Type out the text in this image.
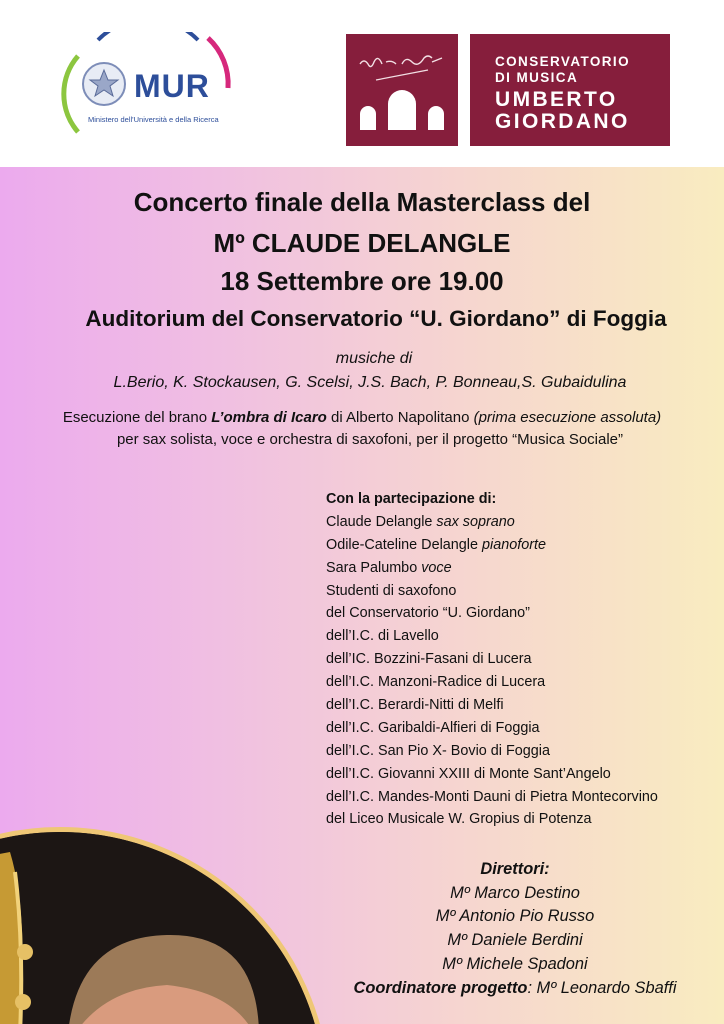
MUR
Ministero dell'Università e della Ricerca
CONSERVATORIO
DI MUSICA
UMBERTO
GIORDANO
Concerto finale della Masterclass del
Mº CLAUDE DELANGLE
18 Settembre ore 19.00
Auditorium del Conservatorio “U. Giordano” di Foggia
musiche di
L.Berio, K. Stockausen, G. Scelsi, J.S. Bach, P. Bonneau,S. Gubaidulina
Esecuzione del brano L’ombra di Icaro di Alberto Napolitano (prima esecuzione assoluta)
per sax solista, voce e orchestra di saxofoni, per il progetto “Musica Sociale”
Con la partecipazione di:
Claude Delangle sax soprano
Odile-Cateline Delangle pianoforte
Sara Palumbo voce
Studenti di saxofono
del Conservatorio “U. Giordano”
dell’I.C. di Lavello
dell’IC. Bozzini-Fasani di Lucera
dell’I.C. Manzoni-Radice di Lucera
dell’I.C. Berardi-Nitti di Melfi
dell’I.C. Garibaldi-Alfieri di Foggia
dell’I.C. San Pio X- Bovio di Foggia
dell’I.C. Giovanni XXIII di Monte Sant’Angelo
dell’I.C. Mandes-Monti Dauni di Pietra Montecorvino
del Liceo Musicale W. Gropius di Potenza
Direttori:
Mº Marco Destino
Mº Antonio Pio Russo
Mº Daniele Berdini
Mº Michele Spadoni
Coordinatore progetto: Mº Leonardo Sbaffi
